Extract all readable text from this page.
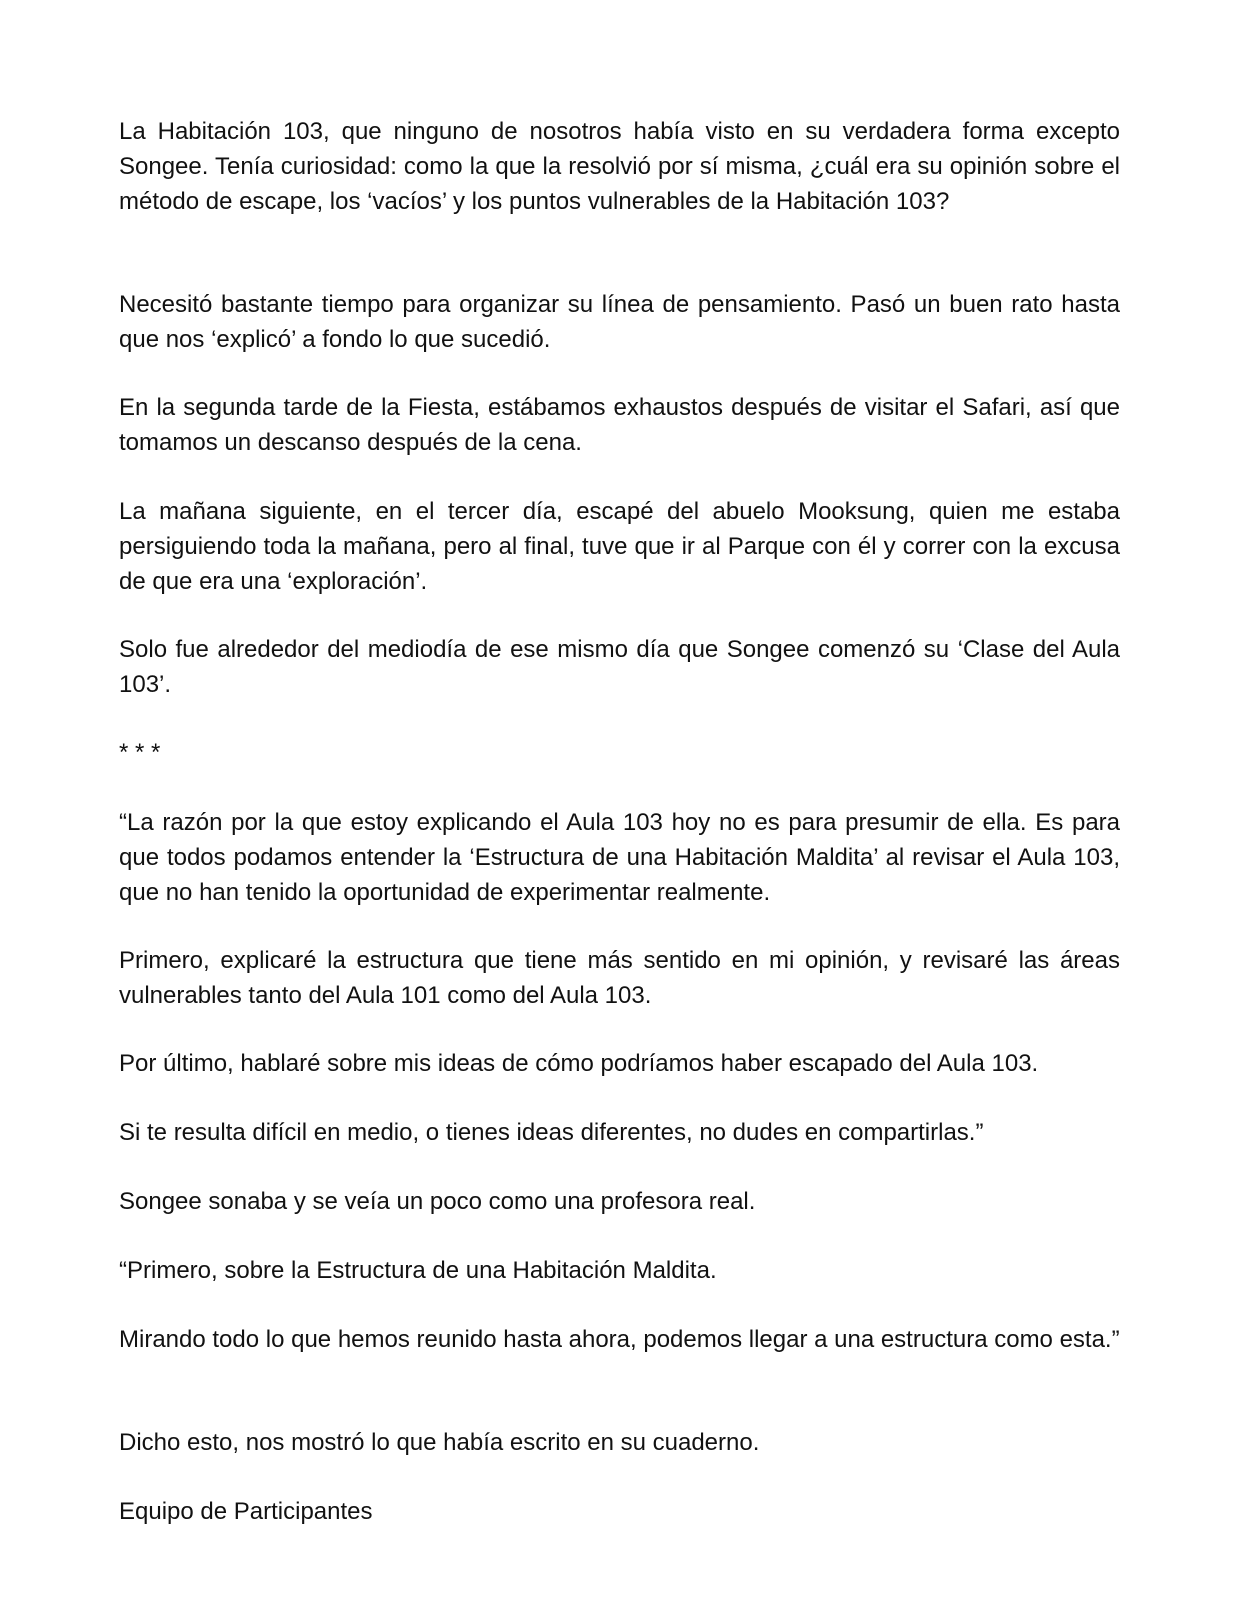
La Habitación 103, que ninguno de nosotros había visto en su verdadera forma excepto Songee. Tenía curiosidad: como la que la resolvió por sí misma, ¿cuál era su opinión sobre el método de escape, los ‘vacíos’ y los puntos vulnerables de la Habitación 103?

Necesitó bastante tiempo para organizar su línea de pensamiento. Pasó un buen rato hasta que nos ‘explicó’ a fondo lo que sucedió.

En la segunda tarde de la Fiesta, estábamos exhaustos después de visitar el Safari, así que tomamos un descanso después de la cena.

La mañana siguiente, en el tercer día, escapé del abuelo Mooksung, quien me estaba persiguiendo toda la mañana, pero al final, tuve que ir al Parque con él y correr con la excusa de que era una ‘exploración’.

Solo fue alrededor del mediodía de ese mismo día que Songee comenzó su ‘Clase del Aula 103’.

* * *

“La razón por la que estoy explicando el Aula 103 hoy no es para presumir de ella. Es para que todos podamos entender la ‘Estructura de una Habitación Maldita’ al revisar el Aula 103, que no han tenido la oportunidad de experimentar realmente.

Primero, explicaré la estructura que tiene más sentido en mi opinión, y revisaré las áreas vulnerables tanto del Aula 101 como del Aula 103.

Por último, hablaré sobre mis ideas de cómo podríamos haber escapado del Aula 103.

Si te resulta difícil en medio, o tienes ideas diferentes, no dudes en compartirlas.”

Songee sonaba y se veía un poco como una profesora real.

“Primero, sobre la Estructura de una Habitación Maldita.

Mirando todo lo que hemos reunido hasta ahora, podemos llegar a una estructura como esta.”

Dicho esto, nos mostró lo que había escrito en su cuaderno.

Equipo de Participantes
